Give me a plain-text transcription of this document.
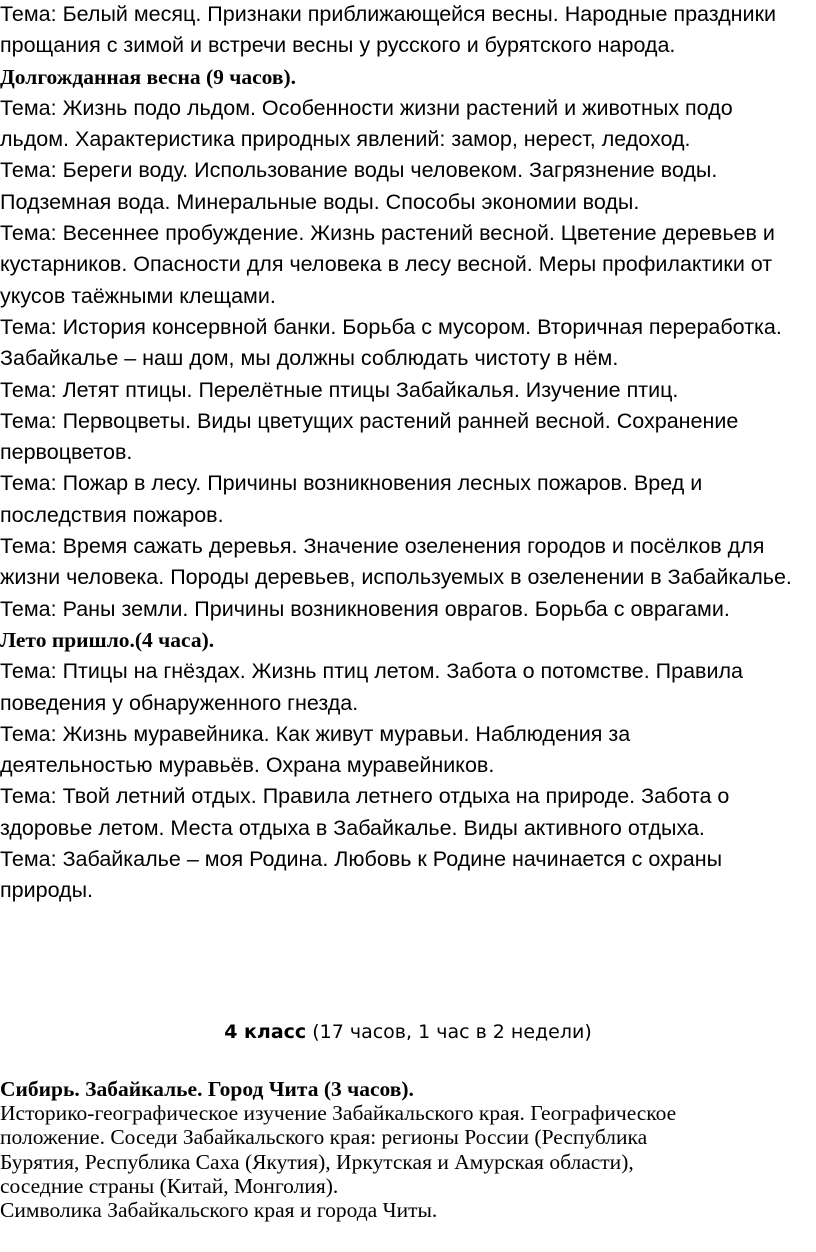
Тема: Белый месяц. Признаки приближающейся весны. Народные праздники
прощания с зимой и встречи весны у русского и бурятского народа.
Долгожданная весна (9 часов).
Тема: Жизнь подо льдом. Особенности жизни растений и животных подо
льдом. Характеристика природных явлений: замор, нерест, ледоход.
Тема: Береги воду. Использование воды человеком. Загрязнение воды.
Подземная вода. Минеральные воды. Способы экономии воды.
Тема: Весеннее пробуждение. Жизнь растений весной. Цветение деревьев и
кустарников. Опасности для человека в лесу весной. Меры профилактики от
укусов таёжными клещами.
Тема: История консервной банки. Борьба с мусором. Вторичная переработка.
Забайкалье – наш дом, мы должны соблюдать чистоту в нём.
Тема: Летят птицы. Перелётные птицы Забайкалья. Изучение птиц.
Тема: Первоцветы. Виды цветущих растений ранней весной. Сохранение
первоцветов.
Тема: Пожар в лесу. Причины возникновения лесных пожаров. Вред и
последствия пожаров.
Тема: Время сажать деревья. Значение озеленения городов и посёлков для
жизни человека. Породы деревьев, используемых в озеленении в Забайкалье.
Тема: Раны земли. Причины возникновения оврагов. Борьба с оврагами.
Лето пришло.(4 часа).
Тема: Птицы на гнёздах. Жизнь птиц летом. Забота о потомстве. Правила
поведения у обнаруженного гнезда.
Тема: Жизнь муравейника. Как живут муравьи. Наблюдения за
деятельностью муравьёв. Охрана муравейников.
Тема: Твой летний отдых. Правила летнего отдыха на природе. Забота о
здоровье летом. Места отдыха в Забайкалье. Виды активного отдыха.
Тема: Забайкалье – моя Родина. Любовь к Родине начинается с охраны
природы.
4 класс (17 часов, 1 час в 2 недели)
Сибирь. Забайкалье. Город Чита (3 часов).
Историко-географическое изучение Забайкальского края. Географическое
положение. Соседи Забайкальского края: регионы России (Республика
Бурятия, Республика Саха (Якутия), Иркутская и Амурская области),
соседние страны (Китай, Монголия).
Символика Забайкальского края и города Читы.
